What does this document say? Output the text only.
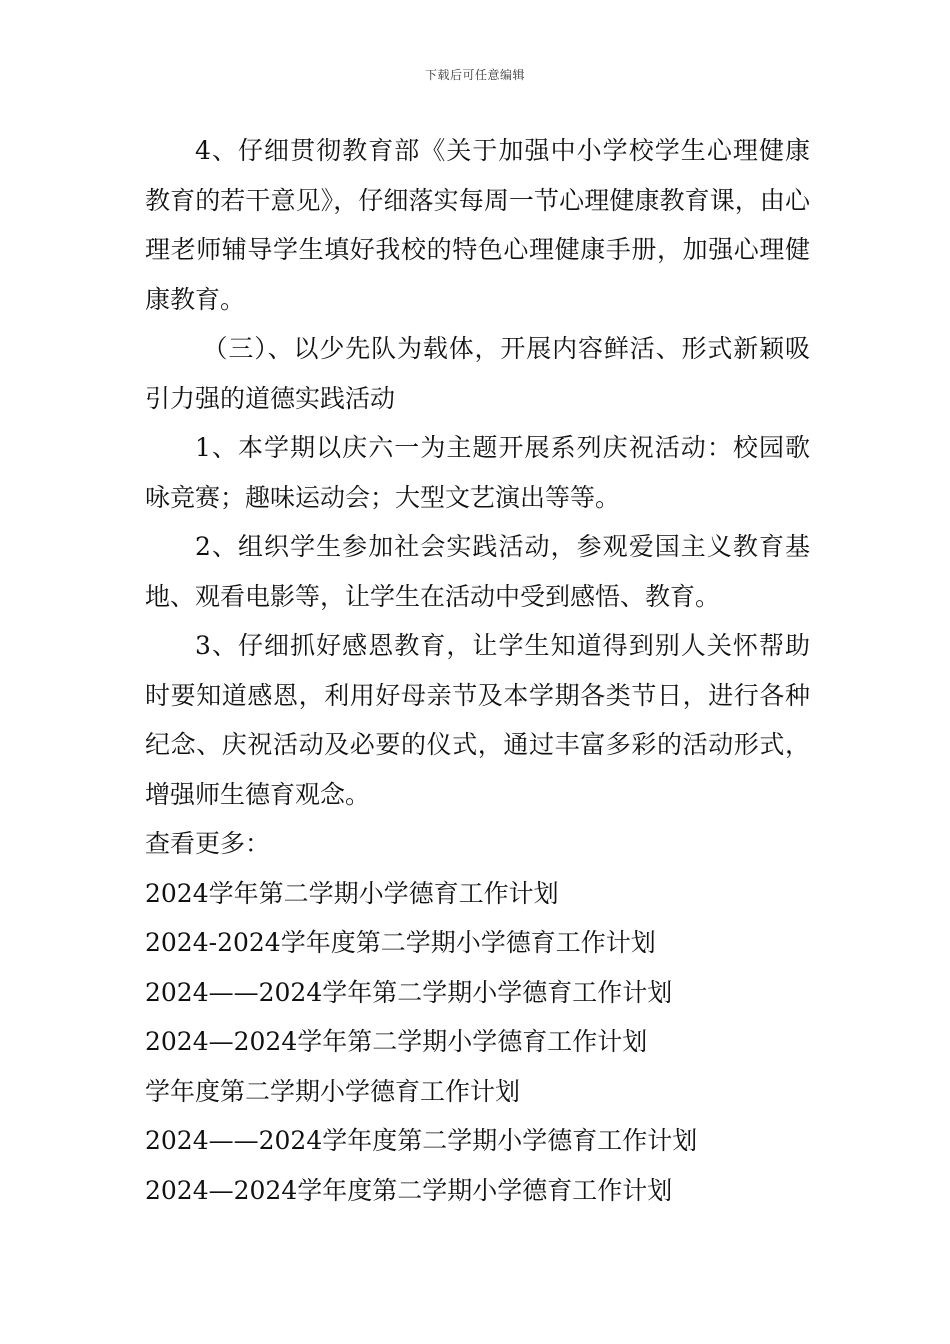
下载后可任意编辑

4、仔细贯彻教育部《关于加强中小学校学生心理健康教育的若干意见》，仔细落实每周一节心理健康教育课，由心理老师辅导学生填好我校的特色心理健康手册，加强心理健康教育。

（三）、以少先队为载体，开展内容鲜活、形式新颖吸引力强的道德实践活动

1、本学期以庆六一为主题开展系列庆祝活动：校园歌咏竞赛；趣味运动会；大型文艺演出等等。

2、组织学生参加社会实践活动，参观爱国主义教育基地、观看电影等，让学生在活动中受到感悟、教育。

3、仔细抓好感恩教育，让学生知道得到别人关怀帮助时要知道感恩，利用好母亲节及本学期各类节日，进行各种纪念、庆祝活动及必要的仪式，通过丰富多彩的活动形式，增强师生德育观念。

查看更多：

2024学年第二学期小学德育工作计划
2024-2024学年度第二学期小学德育工作计划
2024——2024学年第二学期小学德育工作计划
2024—2024学年第二学期小学德育工作计划
学年度第二学期小学德育工作计划
2024——2024学年度第二学期小学德育工作计划
2024—2024学年度第二学期小学德育工作计划
